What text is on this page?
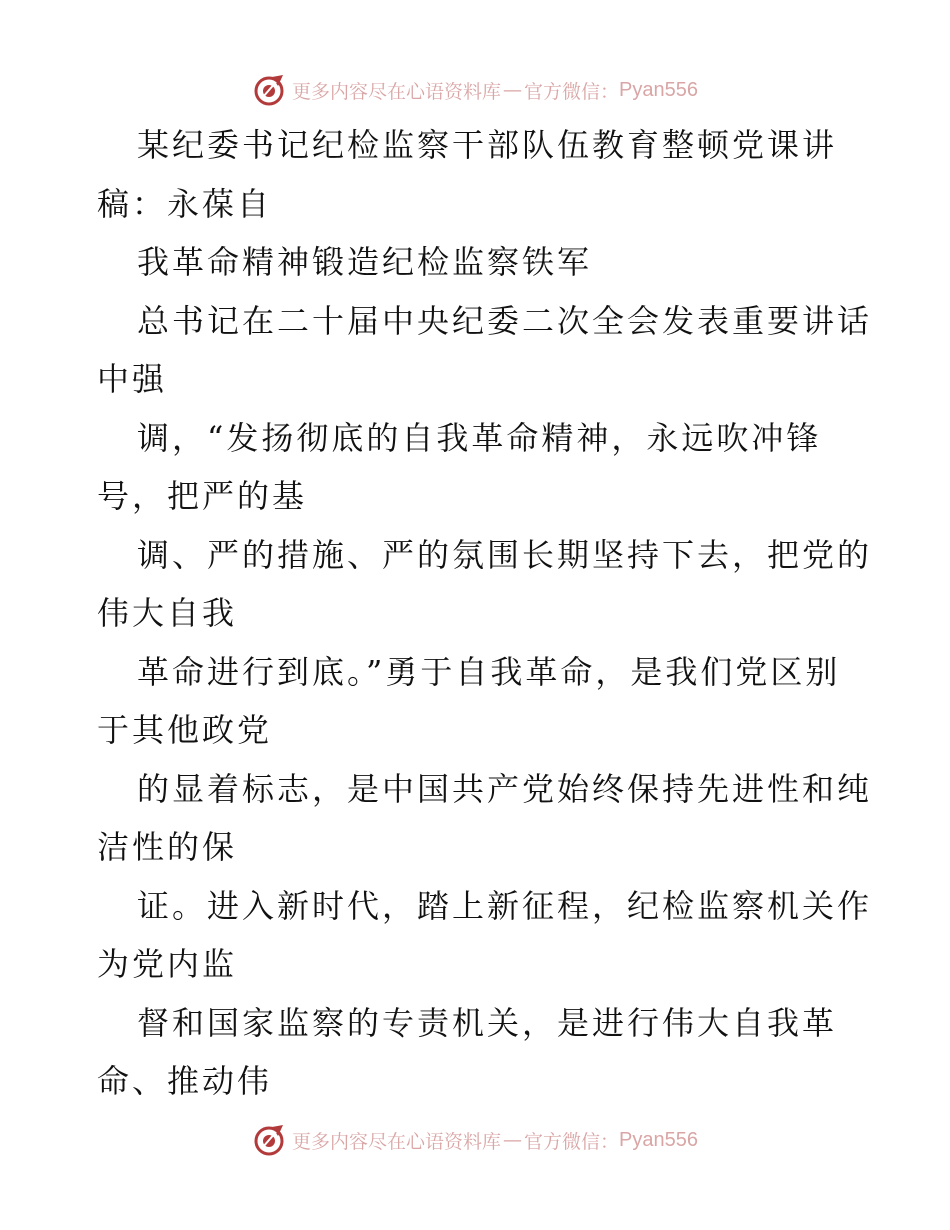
更多内容尽在心语资料库 — 官方微信： Pyan556
某纪委书记纪检监察干部队伍教育整顿党课讲
稿：永葆自
我革命精神锻造纪检监察铁军
总书记在二十届中央纪委二次全会发表重要讲话
中强
调，“发扬彻底的自我革命精神，永远吹冲锋
号，把严的基
调、严的措施、严的氛围长期坚持下去，把党的
伟大自我
革命进行到底。”勇于自我革命，是我们党区别
于其他政党
的显着标志，是中国共产党始终保持先进性和纯
洁性的保
证。进入新时代，踏上新征程，纪检监察机关作
为党内监
督和国家监察的专责机关，是进行伟大自我革
命、推动伟
更多内容尽在心语资料库 — 官方微信： Pyan556
